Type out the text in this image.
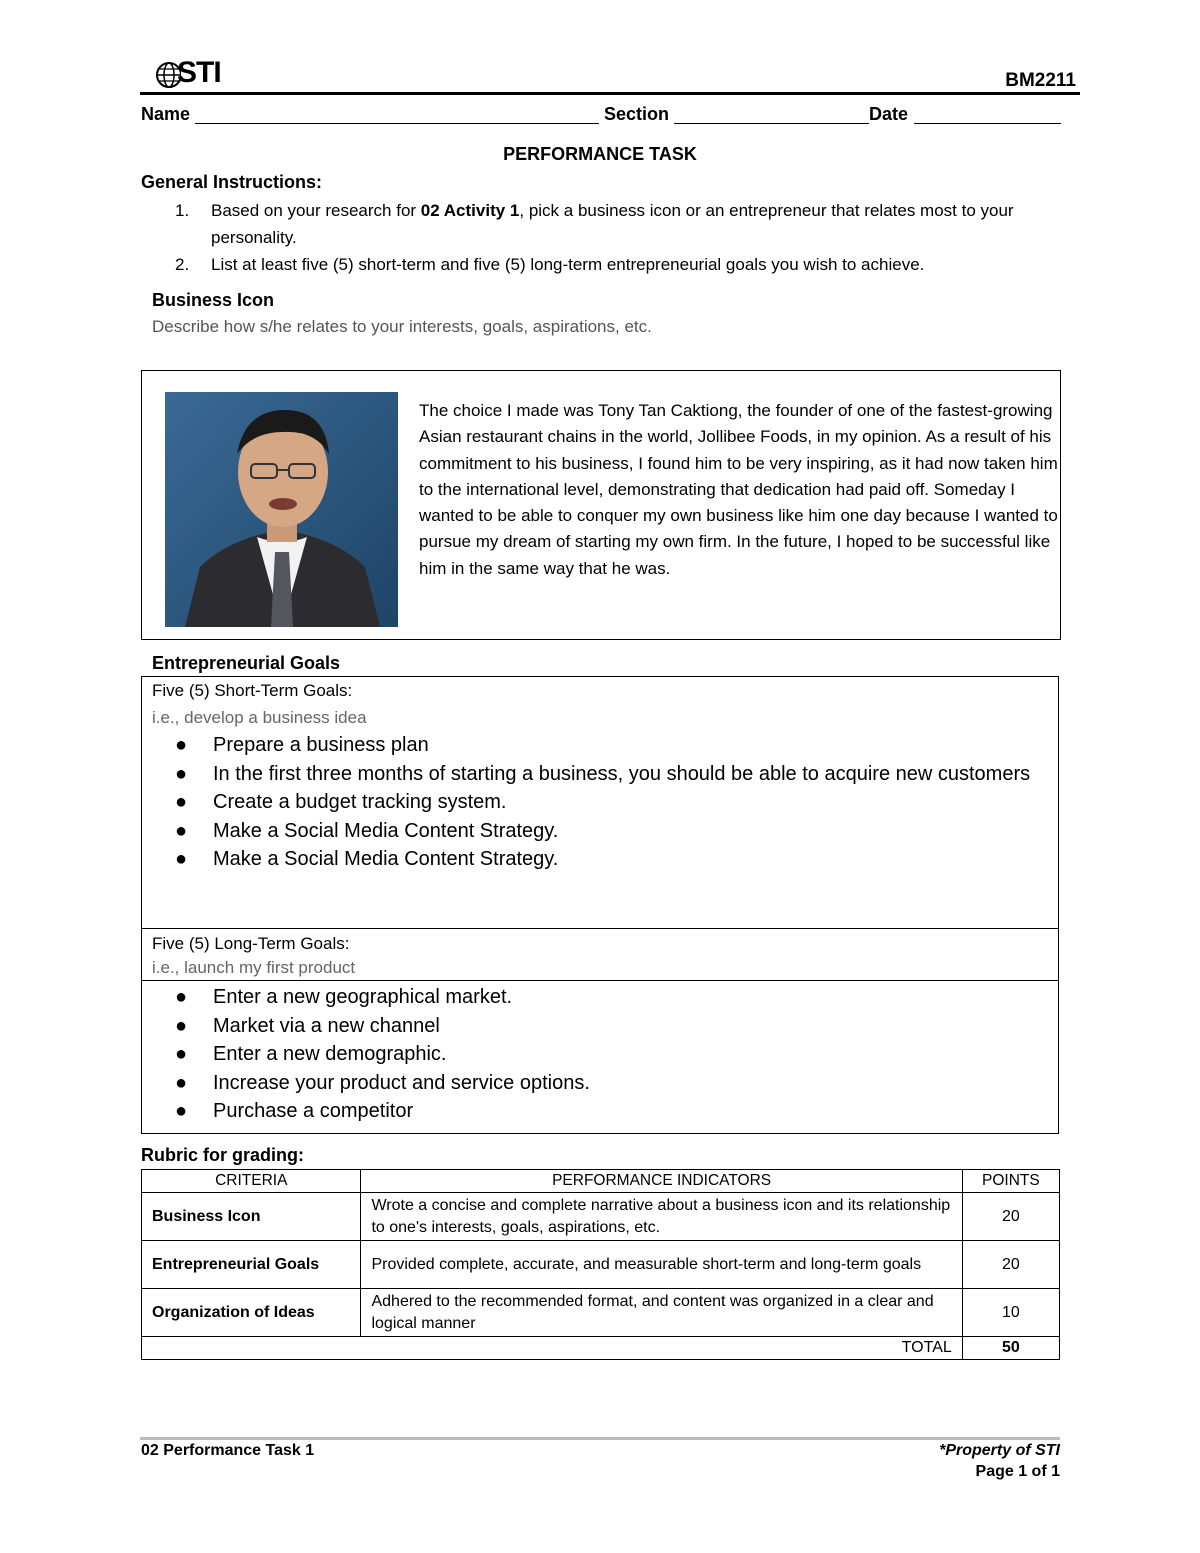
STI	BM2211
Name	Section	Date
PERFORMANCE TASK
General Instructions:
1. Based on your research for 02 Activity 1, pick a business icon or an entrepreneur that relates most to your personality.
2. List at least five (5) short-term and five (5) long-term entrepreneurial goals you wish to achieve.
Business Icon
Describe how s/he relates to your interests, goals, aspirations, etc.
The choice I made was Tony Tan Caktiong, the founder of one of the fastest-growing Asian restaurant chains in the world, Jollibee Foods, in my opinion. As a result of his commitment to his business, I found him to be very inspiring, as it had now taken him to the international level, demonstrating that dedication had paid off. Someday I wanted to be able to conquer my own business like him one day because I wanted to pursue my dream of starting my own firm. In the future, I hoped to be successful like him in the same way that he was.
Entrepreneurial Goals
Five (5) Short-Term Goals:
i.e., develop a business idea
● Prepare a business plan
● In the first three months of starting a business, you should be able to acquire new customers
● Create a budget tracking system.
● Make a Social Media Content Strategy.
● Make a Social Media Content Strategy.
Five (5) Long-Term Goals:
i.e., launch my first product
● Enter a new geographical market.
● Market via a new channel
● Enter a new demographic.
● Increase your product and service options.
● Purchase a competitor
Rubric for grading:
CRITERIA	PERFORMANCE INDICATORS	POINTS
Business Icon	Wrote a concise and complete narrative about a business icon and its relationship to one's interests, goals, aspirations, etc.	20
Entrepreneurial Goals	Provided complete, accurate, and measurable short-term and long-term goals	20
Organization of Ideas	Adhered to the recommended format, and content was organized in a clear and logical manner	10
TOTAL		50
02 Performance Task 1	*Property of STI
Page 1 of 1
